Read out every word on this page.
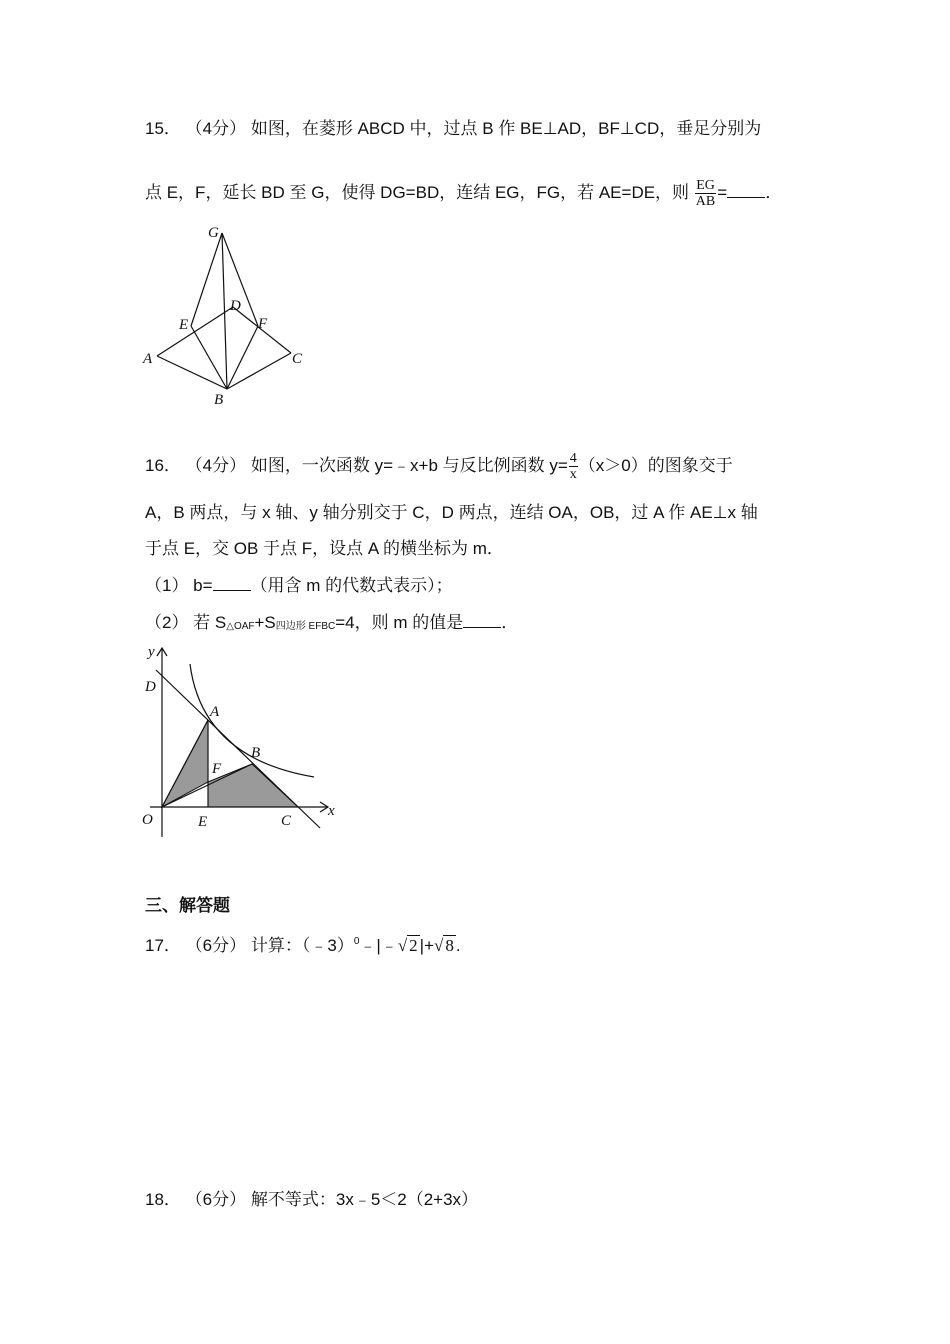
15． （4分） 如图，在菱形 ABCD 中，过点 B 作 BE⊥AD，BF⊥CD，垂足分别为
点 E，F，延长 BD 至 G，使得 DG=BD，连结 EG，FG，若 AE=DE，则 $\frac{EG}{AB}$ = ．
G
D
E	F
A	C
B
16． （4分） 如图，一次函数 y=﹣x+b 与反比例函数 $y= \frac{4}{x} (x>0)$的图象交于
A，B 两点，与 x 轴、y 轴分别交于 C，D 两点，连结 OA，OB，过 A 作 AE⊥x 轴
于点 E，交 OB 于点 F，设点 A 的横坐标为 m．
（1） b= （用含 m 的代数式表示）；
（2） 若 $S_{\triangle OAF}+S_{四边形 EFBC}=4$，则 m 的值是 ．
y
D
A
B
F
O	E	C
x
三、解答题
17． （6分） 计算：（﹣3）$^0$﹣|﹣√ 2 |+√ 8 .
18． （6分） 解不等式：3x﹣5＜2（2+3x）
